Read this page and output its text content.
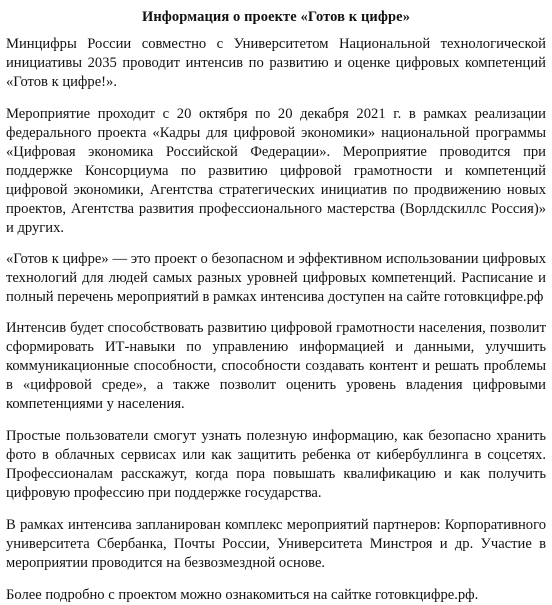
Информация о проекте «Готов к цифре»

Минцифры России совместно с Университетом Национальной технологической инициативы 2035 проводит интенсив по развитию и оценке цифровых компетенций «Готов к цифре!».

Мероприятие проходит с 20 октября по 20 декабря 2021 г. в рамках реализации федерального проекта «Кадры для цифровой экономики» национальной программы «Цифровая экономика Российской Федерации». Мероприятие проводится при поддержке Консорциума по развитию цифровой грамотности и компетенций цифровой экономики, Агентства стратегических инициатив по продвижению новых проектов, Агентства развития профессионального мастерства (Ворлдскиллс Россия)» и других.

«Готов к цифре» — это проект о безопасном и эффективном использовании цифровых технологий для людей самых разных уровней цифровых компетенций. Расписание и полный перечень мероприятий в рамках интенсива доступен на сайте готовкцифре.рф

Интенсив будет способствовать развитию цифровой грамотности населения, позволит сформировать ИТ-навыки по управлению информацией и данными, улучшить коммуникационные способности, способности создавать контент и решать проблемы в «цифровой среде», а также позволит оценить уровень владения цифровыми компетенциями у населения.

Простые пользователи смогут узнать полезную информацию, как безопасно хранить фото в облачных сервисах или как защитить ребенка от кибербуллинга в соцсетях. Профессионалам расскажут, когда пора повышать квалификацию и как получить цифровую профессию при поддержке государства.

В рамках интенсива запланирован комплекс мероприятий партнеров: Корпоративного университета Сбербанка, Почты России, Университета Минстроя и др. Участие в мероприятии проводится на безвозмездной основе.

Более подробно с проектом можно ознакомиться на сайтке готовкцифре.рф.
